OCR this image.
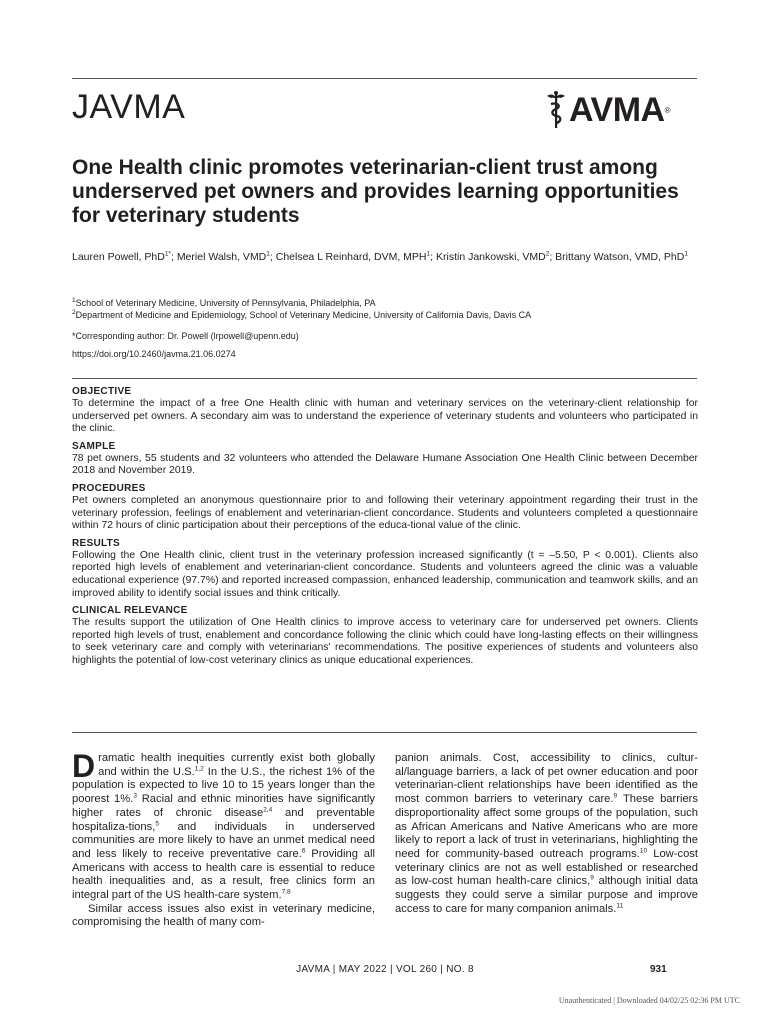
JAVMA	AVMA ®
One Health clinic promotes veterinarian-client trust among underserved pet owners and provides learning opportunities for veterinary students
Lauren Powell, PhD$^{1*}$; Meriel Walsh, VMD$^1$; Chelsea L Reinhard, DVM, MPH$^1$; Kristin Jankowski, VMD$^2$; Brittany Watson, VMD, PhD$^1$
$^1$School of Veterinary Medicine, University of Pennsylvania, Philadelphia, PA
$^2$Department of Medicine and Epidemiology, School of Veterinary Medicine, University of California Davis, Davis CA
*Corresponding author: Dr. Powell (lrpowell@upenn.edu)
https://doi.org/10.2460/javma.21.06.0274
OBJECTIVE

To determine the impact of a free One Health clinic with human and veterinary services on the veterinary-client relationship for underserved pet owners. A secondary aim was to understand the experience of veterinary students and volunteers who participated in the clinic.

SAMPLE

78 pet owners, 55 students and 32 volunteers who attended the Delaware Humane Association One Health Clinic between December 2018 and November 2019.

PROCEDURES

Pet owners completed an anonymous questionnaire prior to and following their veterinary appointment regarding their trust in the veterinary profession, feelings of enablement and veterinarian-client concordance. Students and volunteers completed a questionnaire within 72 hours of clinic participation about their perceptions of the educa-tional value of the clinic.

RESULTS

Following the One Health clinic, client trust in the veterinary profession increased significantly (t = –5.50, P < 0.001). Clients also reported high levels of enablement and veterinarian-client concordance. Students and volunteers agreed the clinic was a valuable educational experience (97.7%) and reported increased compassion, enhanced leadership, communication and teamwork skills, and an improved ability to identify social issues and think critically.

CLINICAL RELEVANCE

The results support the utilization of One Health clinics to improve access to veterinary care for underserved pet owners. Clients reported high levels of trust, enablement and concordance following the clinic which could have long-lasting effects on their willingness to seek veterinary care and comply with veterinarians' recommendations. The positive experiences of students and volunteers also highlights the potential of low-cost veterinary clinics as unique educational experiences.

Dramatic health inequities currently exist both globally and within the U.S.$^{1,2}$ In the U.S., the richest 1% of the population is expected to live 10 to 15 years longer than the poorest 1%.$^3$ Racial and ethnic minorities have significantly higher rates of chronic disease$^{2,4}$ and preventable hospitaliza-tions,$^5$ and individuals in underserved communities are more likely to have an unmet medical need and less likely to receive preventative care.$^6$ Providing all Americans with access to health care is essential to reduce health inequalities and, as a result, free clinics form an integral part of the US health-care system.$^{7,8}$

Similar access issues also exist in veterinary medicine, compromising the health of many com-

panion animals. Cost, accessibility to clinics, cultur-al/language barriers, a lack of pet owner education and poor veterinarian-client relationships have been identified as the most common barriers to veterinary care.$^9$ These barriers disproportionality affect some groups of the population, such as African Americans and Native Americans who are more likely to report a lack of trust in veterinarians, highlighting the need for community-based outreach programs.$^{10}$ Low-cost veterinary clinics are not as well established or researched as low-cost human health-care clinics,$^9$ although initial data suggests they could serve a similar purpose and improve access to care for many companion animals.$^{11}$

JAVMA | MAY 2022 | VOL 260 | NO. 8	931
Unauthenticated | Downloaded 04/02/25 02:36 PM UTC
